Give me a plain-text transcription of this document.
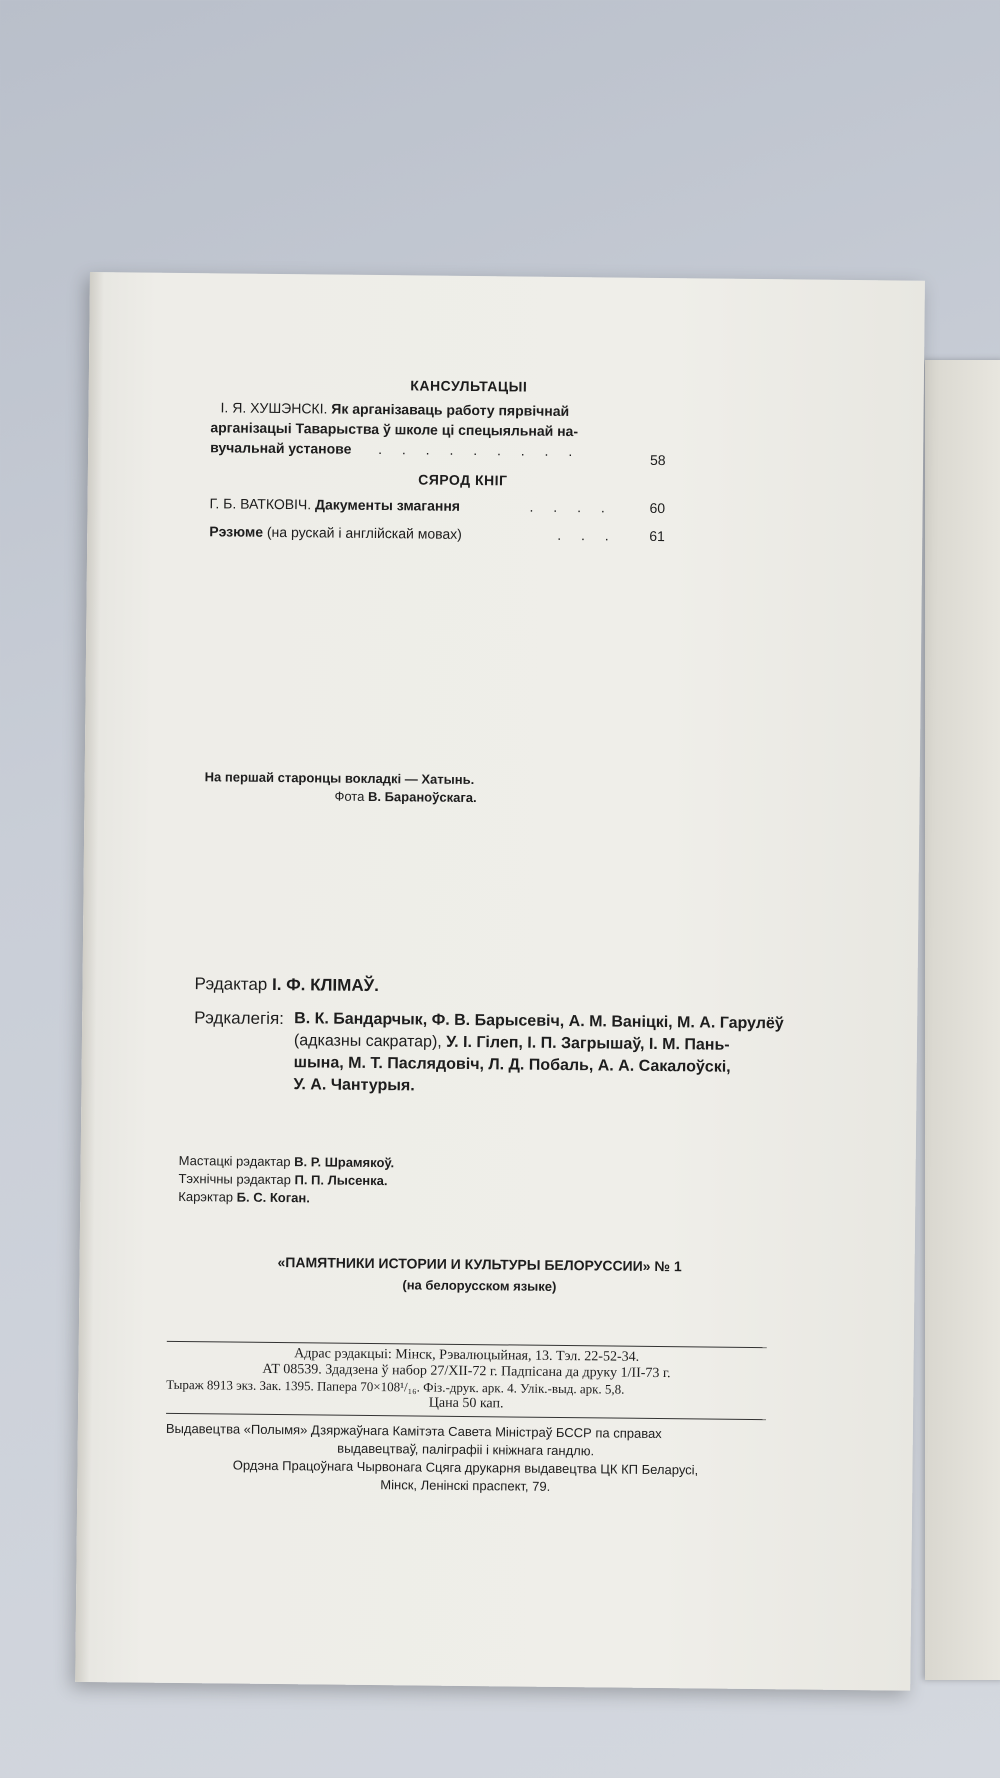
КАНСУЛЬТАЦЫІ
І. Я. ХУШЭНСКІ. Як арганізаваць работу пярвічнай
арганізацыі Таварыства ў школе ці спецыяльнай на-
вучальнай установе . . . . . . . . .
58
СЯРОД КНІГ
Г. Б. ВАТКОВІЧ. Дакументы змагання	. . . .	60
Рэзюме (на рускай і англійскай мовах)	. . . 61
На першай старонцы вокладкі — Хатынь.
Фота В. Бараноўскага.
Рэдактар І. Ф. КЛІМАЎ.
Рэдкалегія: В. К. Бандарчык, Ф. В. Барысевіч, А. М. Ваніцкі, М. А. Гарулёў
(адказны сакратар), У. І. Гілеп, І. П. Загрышаў, І. М. Пань-
шына, М. Т. Паслядовіч, Л. Д. Побаль, А. А. Сакалоўскі,
У. А. Чантурыя.
Мастацкі рэдактар В. Р. Шрамякоў.
Тэхнічны рэдактар П. П. Лысенка.
Карэктар Б. С. Коган.
«ПАМЯТНИКИ ИСТОРИИ И КУЛЬТУРЫ БЕЛОРУССИИ» № 1
(на белорусском языке)
Адрас рэдакцыі: Мінск, Рэвалюцыйная, 13. Тэл. 22-52-34.
АТ 08539. Здадзена ў набор 27/XII-72 г. Падпісана да друку 1/II-73 г.
Тыраж 8913 экз. Зак. 1395. Папера 70×108¹/₁₆. Фіз.-друк. арк. 4. Улік.-выд. арк. 5,8.
Цана 50 кап.
Выдавецтва «Полымя» Дзяржаўнага Камітэта Савета Міністраў БССР па справах
выдавецтваў, паліграфіі і кніжнага гандлю.
Ордэна Працоўнага Чырвонага Сцяга друкарня выдавецтва ЦК КП Беларусі,
Мінск, Ленінскі праспект, 79.
